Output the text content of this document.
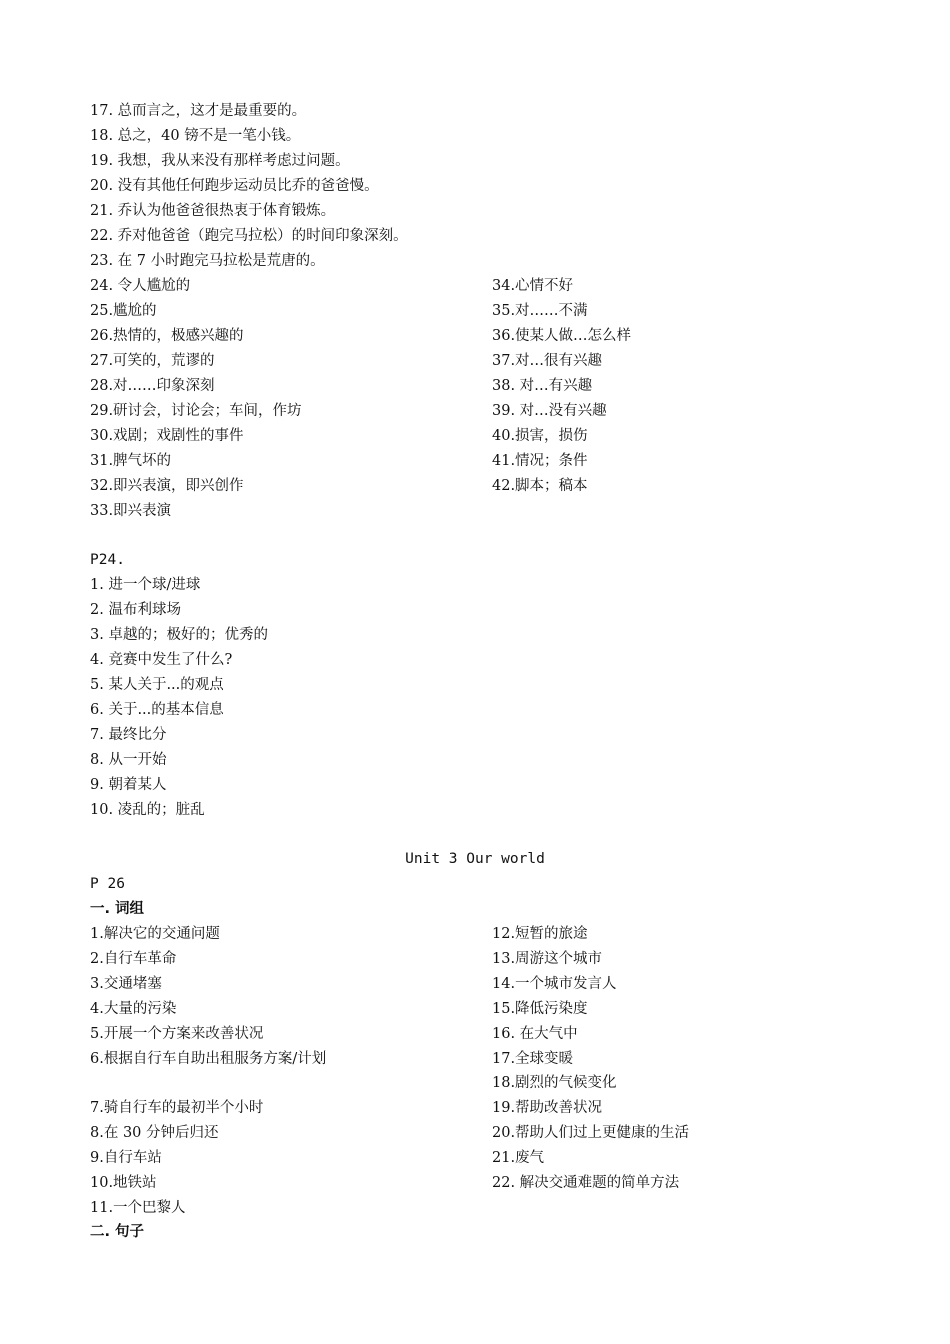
17. 总而言之，这才是最重要的。
18. 总之，40 镑不是一笔小钱。
19. 我想，我从来没有那样考虑过问题。
20. 没有其他任何跑步运动员比乔的爸爸慢。
21. 乔认为他爸爸很热衷于体育锻炼。
22. 乔对他爸爸（跑完马拉松）的时间印象深刻。
23. 在 7 小时跑完马拉松是荒唐的。
24. 令人尴尬的
25.尴尬的
26.热情的，极感兴趣的
27.可笑的，荒谬的
28.对……印象深刻
29.研讨会，讨论会；车间，作坊
30.戏剧；戏剧性的事件
31.脾气坏的
32.即兴表演，即兴创作
33.即兴表演
34.心情不好
35.对……不满
36.使某人做…怎么样
37.对…很有兴趣
38. 对…有兴趣
39. 对…没有兴趣
40.损害，损伤
41.情况；条件
42.脚本；稿本
P24.
1. 进一个球/进球
2. 温布利球场
3. 卓越的；极好的；优秀的
4. 竞赛中发生了什么?
5. 某人关于...的观点
6. 关于...的基本信息
7. 最终比分
8. 从一开始
9. 朝着某人
10. 凌乱的；脏乱
Unit 3 Our world
P 26
一. 词组
1.解决它的交通问题
2.自行车革命
3.交通堵塞
4.大量的污染
5.开展一个方案来改善状况
6.根据自行车自助出租服务方案/计划
7.骑自行车的最初半个小时
8.在 30 分钟后归还
9.自行车站
10.地铁站
11.一个巴黎人
12.短暂的旅途
13.周游这个城市
14.一个城市发言人
15.降低污染度
16. 在大气中
17.全球变暖
18.剧烈的气候变化
19.帮助改善状况
20.帮助人们过上更健康的生活
21.废气
22. 解决交通难题的简单方法
二. 句子
